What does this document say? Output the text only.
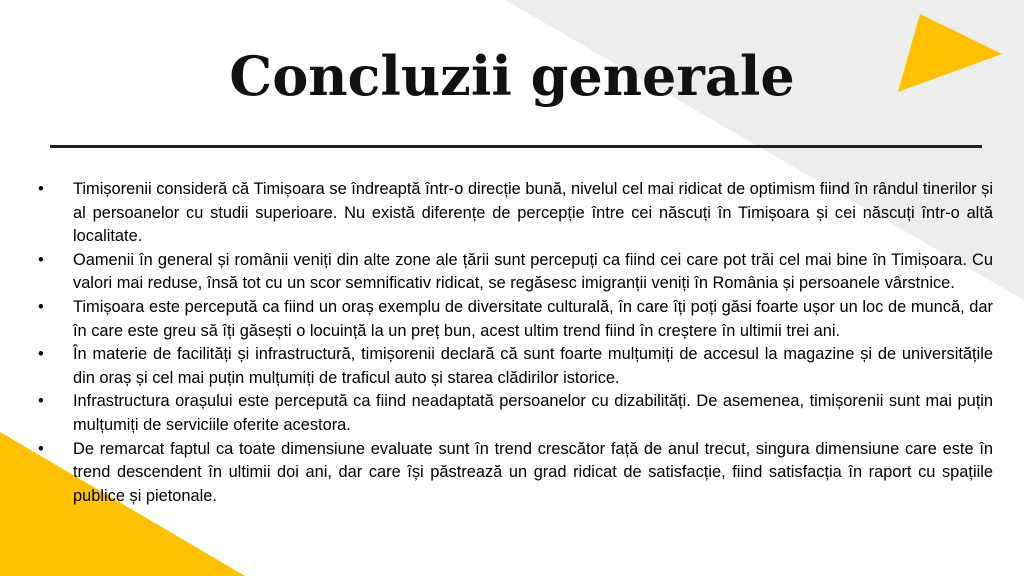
Concluzii generale
•	Timișorenii consideră că Timișoara se îndreaptă într-o direcție bună, nivelul cel mai ridicat de optimism fiind în rândul tinerilor și al persoanelor cu studii superioare. Nu există diferențe de percepție între cei născuți în Timișoara și cei născuți într-o altă localitate.
•	Oamenii în general și românii veniți din alte zone ale țării sunt percepuți ca fiind cei care pot trăi cel mai bine în Timișoara. Cu valori mai reduse, însă tot cu un scor semnificativ ridicat, se regăsesc imigranții veniți în România și persoanele vârstnice.
•	Timișoara este percepută ca fiind un oraș exemplu de diversitate culturală, în care îți poți găsi foarte ușor un loc de muncă, dar în care este greu să îți găsești o locuință la un preț bun, acest ultim trend fiind în creștere în ultimii trei ani.
•	În materie de facilități și infrastructură, timișorenii declară că sunt foarte mulțumiți de accesul la magazine și de universitățile din oraș și cel mai puțin mulțumiți de traficul auto și starea clădirilor istorice.
•	Infrastructura orașului este percepută ca fiind neadaptată persoanelor cu dizabilități. De asemenea, timișorenii sunt mai puțin mulțumiți de serviciile oferite acestora.
•	De remarcat faptul ca toate dimensiune evaluate sunt în trend crescător față de anul trecut, singura dimensiune care este în trend descendent în ultimii doi ani, dar care își păstrează un grad ridicat de satisfacție, fiind satisfacția în raport cu spațiile publice și pietonale.
